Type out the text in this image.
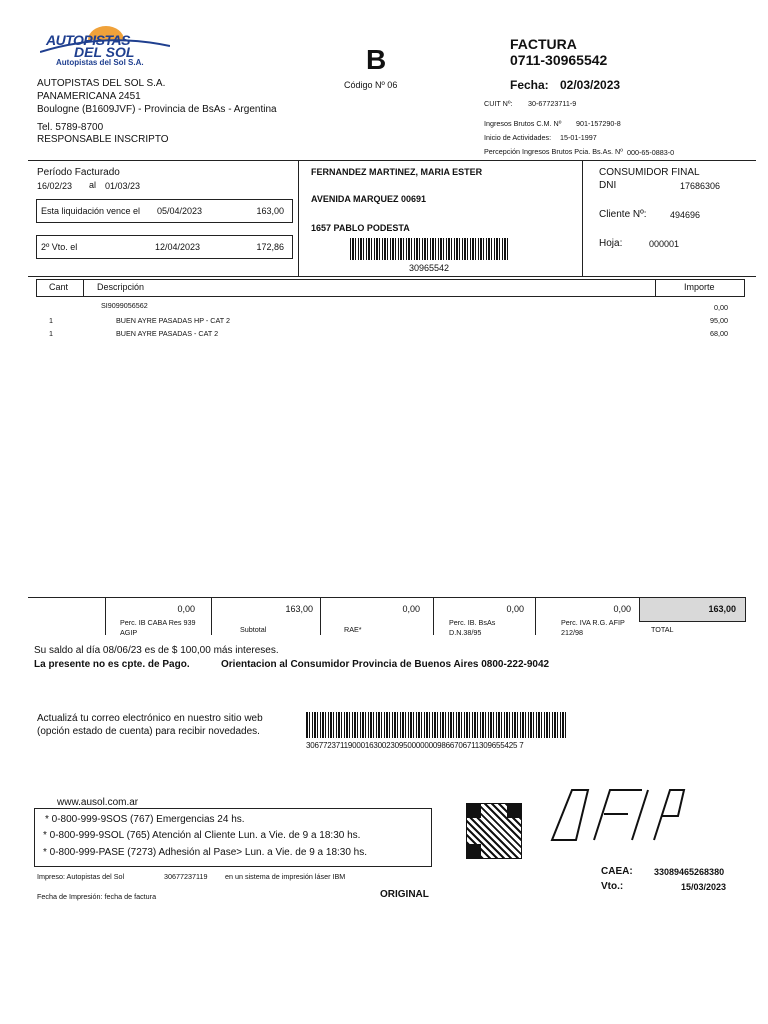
AUTOPISTAS
DEL SOL
Autopistas del Sol S.A.
AUTOPISTAS DEL SOL S.A.
PANAMERICANA 2451
Boulogne (B1609JVF) - Provincia de BsAs - Argentina
Tel. 5789-8700
RESPONSABLE INSCRIPTO
B
Código Nº 06
FACTURA
0711-30965542
Fecha: 02/03/2023
CUIT Nº: 30-67723711-9
Ingresos Brutos C.M. Nº 901-157290-8
Inicio de Actividades: 15-01-1997
Percepción Ingresos Brutos Pcia. Bs.As. Nº 000-65-0883-0
Período Facturado
16/02/23 al 01/03/23
Esta liquidación vence el 05/04/2023	163,00
2º Vto. el	12/04/2023	172,86
FERNANDEZ MARTINEZ, MARIA ESTER
AVENIDA MARQUEZ 00691
1657 PABLO PODESTA
30965542
CONSUMIDOR FINAL
DNI	17686306
Cliente Nº:	494696
Hoja:	000001
Cant	Descripción	Importe
SI9099056562	0,00
1	BUEN AYRE PASADAS HP - CAT 2	95,00
1	BUEN AYRE PASADAS - CAT 2	68,00
0,00
Perc. IB CABA Res 939 AGIP
163,00
Subtotal
0,00
RAE*
0,00
Perc. IB. BsAs D.N.38/95
0,00
Perc. IVA R.G. AFIP 212/98
163,00
TOTAL
Su saldo al día 08/06/23 es de $ 100,00 más intereses.
La presente no es cpte. de Pago.	Orientacion al Consumidor Provincia de Buenos Aires 0800-222-9042
Actualizá tu correo electrónico en nuestro sitio web
(opción estado de cuenta) para recibir novedades.
30677237119000163002309500000009866706711309655425 7
www.ausol.com.ar
* 0-800-999-9SOS (767) Emergencias 24 hs.
* 0-800-999-9SOL (765) Atención al Cliente Lun. a Vie. de 9 a 18:30 hs.
* 0-800-999-PASE (7273) Adhesión al Pase> Lun. a Vie. de 9 a 18:30 hs.
Impreso: Autopistas del Sol	30677237119 en un sistema de impresión láser IBM
Fecha de Impresión: fecha de factura	ORIGINAL
CAEA: 33089465268380
Vto.:	15/03/2023
